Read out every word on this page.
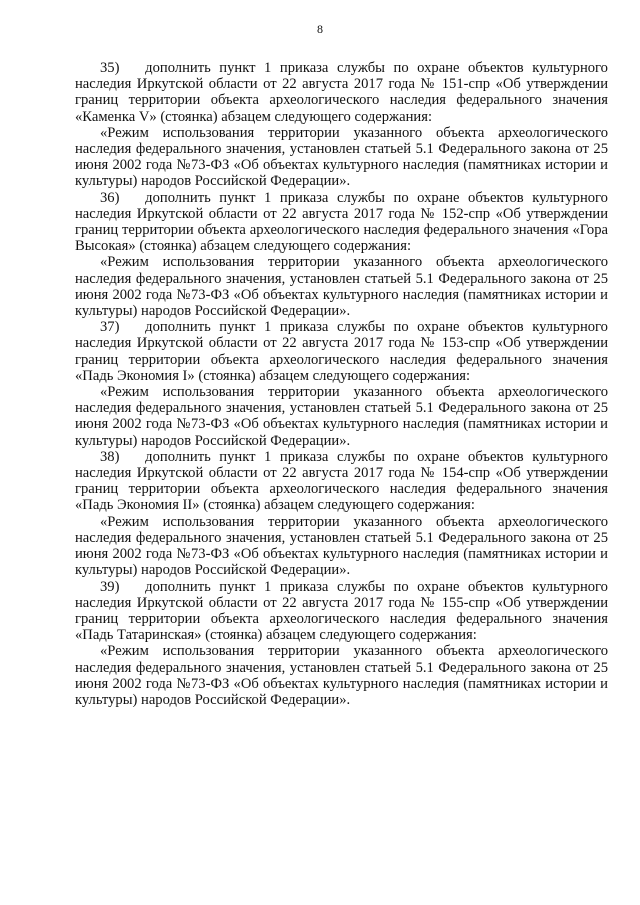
8

35) дополнить пункт 1 приказа службы по охране объектов культурного наследия Иркутской области от 22 августа 2017 года № 151-спр «Об утверждении границ территории объекта археологического наследия федерального значения «Каменка V» (стоянка) абзацем следующего содержания:

«Режим использования территории указанного объекта археологического наследия федерального значения, установлен статьей 5.1 Федерального закона от 25 июня 2002 года №73-ФЗ «Об объектах культурного наследия (памятниках истории и культуры) народов Российской Федерации».

36) дополнить пункт 1 приказа службы по охране объектов культурного наследия Иркутской области от 22 августа 2017 года № 152-спр «Об утверждении границ территории объекта археологического наследия федерального значения «Гора Высокая» (стоянка) абзацем следующего содержания:

«Режим использования территории указанного объекта археологического наследия федерального значения, установлен статьей 5.1 Федерального закона от 25 июня 2002 года №73-ФЗ «Об объектах культурного наследия (памятниках истории и культуры) народов Российской Федерации».

37) дополнить пункт 1 приказа службы по охране объектов культурного наследия Иркутской области от 22 августа 2017 года № 153-спр «Об утверждении границ территории объекта археологического наследия федерального значения «Падь Экономия I» (стоянка) абзацем следующего содержания:

«Режим использования территории указанного объекта археологического наследия федерального значения, установлен статьей 5.1 Федерального закона от 25 июня 2002 года №73-ФЗ «Об объектах культурного наследия (памятниках истории и культуры) народов Российской Федерации».

38) дополнить пункт 1 приказа службы по охране объектов культурного наследия Иркутской области от 22 августа 2017 года № 154-спр «Об утверждении границ территории объекта археологического наследия федерального значения «Падь Экономия II» (стоянка) абзацем следующего содержания:

«Режим использования территории указанного объекта археологического наследия федерального значения, установлен статьей 5.1 Федерального закона от 25 июня 2002 года №73-ФЗ «Об объектах культурного наследия (памятниках истории и культуры) народов Российской Федерации».

39) дополнить пункт 1 приказа службы по охране объектов культурного наследия Иркутской области от 22 августа 2017 года № 155-спр «Об утверждении границ территории объекта археологического наследия федерального значения «Падь Татаринская» (стоянка) абзацем следующего содержания:

«Режим использования территории указанного объекта археологического наследия федерального значения, установлен статьей 5.1 Федерального закона от 25 июня 2002 года №73-ФЗ «Об объектах культурного наследия (памятниках истории и культуры) народов Российской Федерации».
